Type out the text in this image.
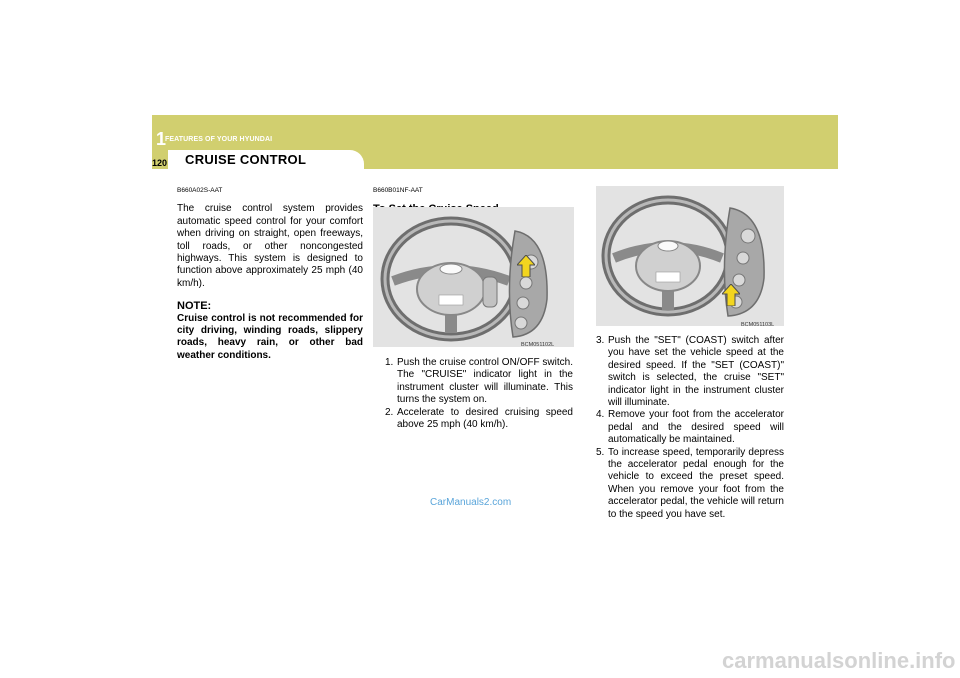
1
FEATURES OF YOUR HYUNDAI
CRUISE CONTROL
120

B660A02S-AAT

The cruise control system provides automatic speed control for your comfort when driving on straight, open freeways, toll roads, or other noncongested highways. This system is designed to function above approximately 25 mph (40 km/h).

NOTE:

Cruise control is not recommended for city driving, winding roads, slippery roads, heavy rain, or other bad weather conditions.

B660B01NF-AAT

BCM051102L
1. Push the cruise control ON/OFF switch. The "CRUISE" indicator light in the instrument cluster will illuminate. This turns the system on.
2. Accelerate to desired cruising speed above 25 mph (40 km/h).
BCM051103L
3. Push the "SET" (COAST) switch after you have set the vehicle speed at the desired speed. If the "SET (COAST)" switch is selected, the cruise "SET" indicator light in the instrument cluster will illuminate.
4. Remove your foot from the accelerator pedal and the desired speed will automatically be maintained.
5. To increase speed, temporarily depress the accelerator pedal enough for the vehicle to exceed the preset speed. When you remove your foot from the accelerator pedal, the vehicle will return to the speed you have set.
CarManuals2.com
carmanualsonline.info
